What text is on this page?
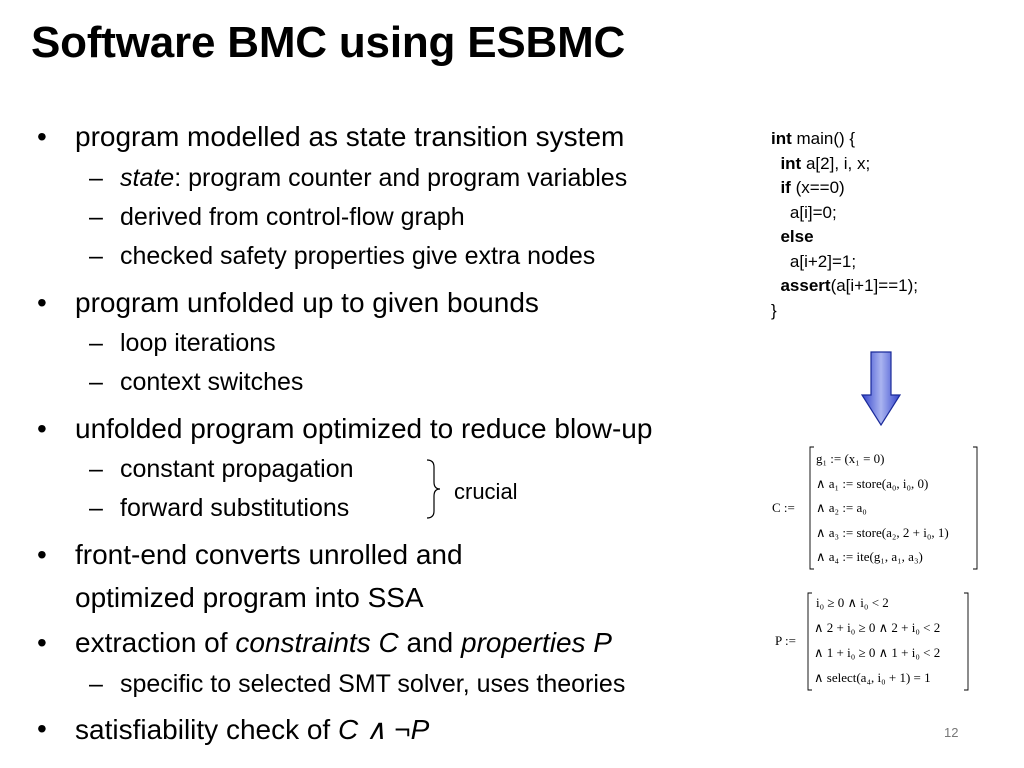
Software BMC using ESBMC
• program modelled as state transition system
– state: program counter and program variables
– derived from control-flow graph
– checked safety properties give extra nodes
• program unfolded up to given bounds
– loop iterations
– context switches
• unfolded program optimized to reduce blow-up
– constant propagation
– forward substitutions
crucial
• front-end converts unrolled and
optimized program into SSA
• extraction of constraints C and properties P
– specific to selected SMT solver, uses theories
• satisfiability check of C ∧ ¬P
int main() {
int a[2], i, x;
if (x==0)
a[i]=0;
else
a[i+2]=1;
assert(a[i+1]==1);
}
C :=
g₁ := (x₁ = 0)
∧ a₁ := store(a₀, i₀, 0)
∧ a₂ := a₀
∧ a₃ := store(a₂, 2 + i₀, 1)
∧ a₄ := ite(g₁, a₁, a₃)
P :=
i₀ ≥ 0 ∧ i₀ < 2
∧ 2 + i₀ ≥ 0 ∧ 2 + i₀ < 2
∧ 1 + i₀ ≥ 0 ∧ 1 + i₀ < 2
∧ select(a₄, i₀ + 1) = 1
12
